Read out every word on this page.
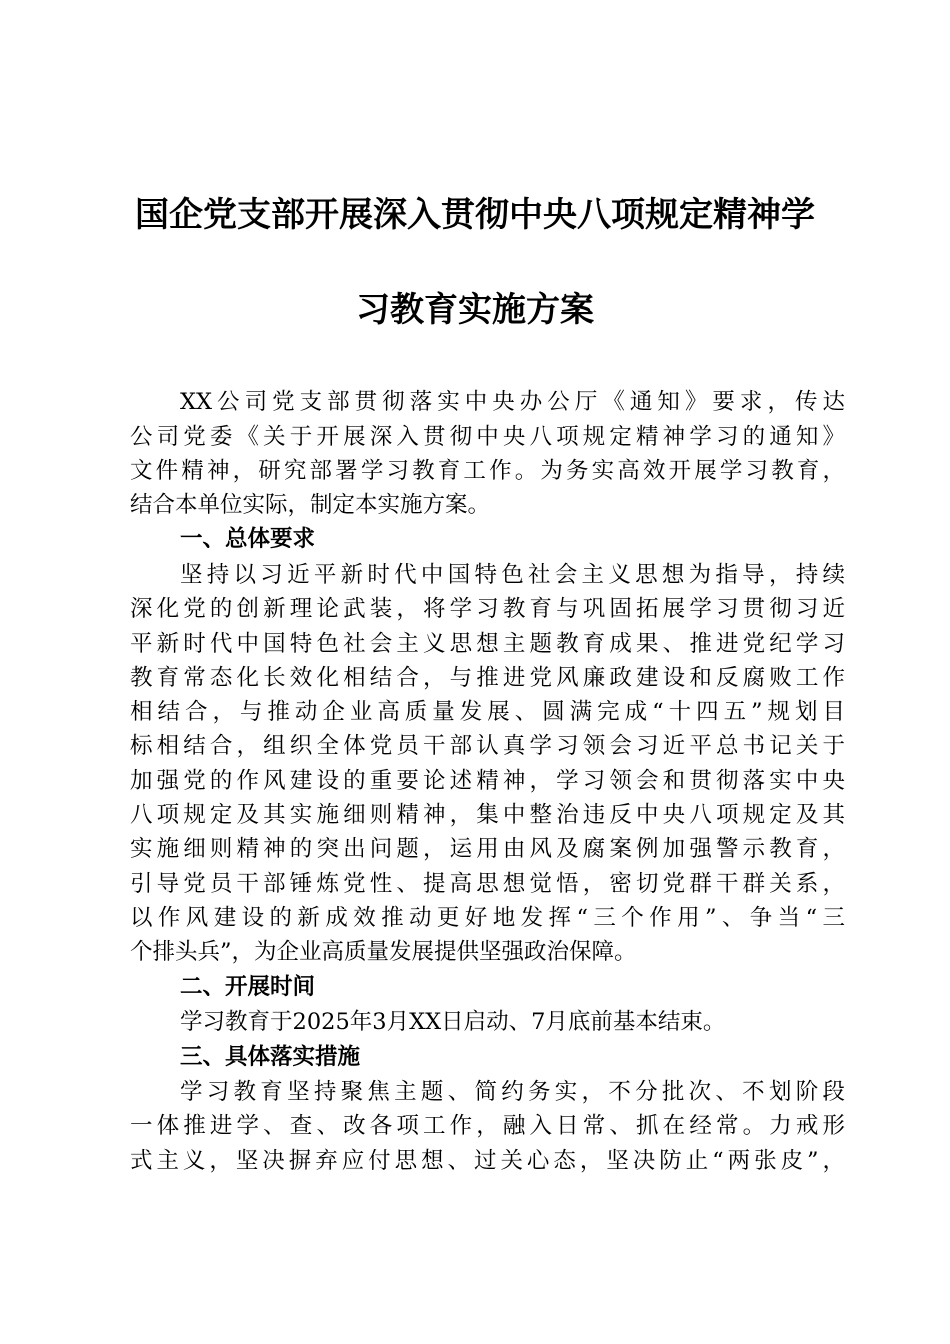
国企党支部开展深入贯彻中央八项规定精神学
习教育实施方案
XX公司党支部贯彻落实中央办公厅《通知》要求，传达
公司党委《关于开展深入贯彻中央八项规定精神学习的通知》
文件精神，研究部署学习教育工作。为务实高效开展学习教育，
结合本单位实际，制定本实施方案。
一、总体要求
坚持以习近平新时代中国特色社会主义思想为指导，持续
深化党的创新理论武装，将学习教育与巩固拓展学习贯彻习近
平新时代中国特色社会主义思想主题教育成果、推进党纪学习
教育常态化长效化相结合，与推进党风廉政建设和反腐败工作
相结合，与推动企业高质量发展、圆满完成“十四五”规划目
标相结合，组织全体党员干部认真学习领会习近平总书记关于
加强党的作风建设的重要论述精神，学习领会和贯彻落实中央
八项规定及其实施细则精神，集中整治违反中央八项规定及其
实施细则精神的突出问题，运用由风及腐案例加强警示教育，
引导党员干部锤炼党性、提高思想觉悟，密切党群干群关系，
以作风建设的新成效推动更好地发挥“三个作用”、争当“三
个排头兵”，为企业高质量发展提供坚强政治保障。
二、开展时间
学习教育于2025年3月XX日启动、7月底前基本结束。
三、具体落实措施
学习教育坚持聚焦主题、简约务实，不分批次、不划阶段
一体推进学、查、改各项工作，融入日常、抓在经常。力戒形
式主义，坚决摒弃应付思想、过关心态，坚决防止“两张皮”，
